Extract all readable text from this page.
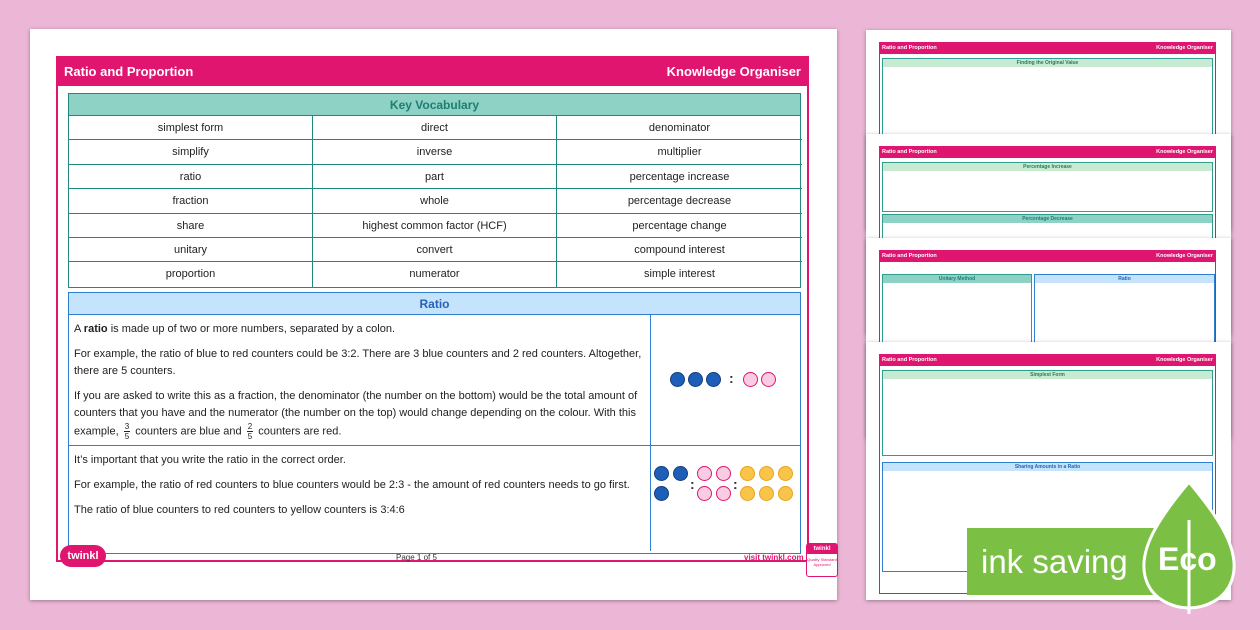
Ratio and Proportion	Knowledge Organiser
Key Vocabulary
simplest form	direct	denominator
simplify	inverse	multiplier
ratio	part	percentage increase
fraction	whole	percentage decrease
share	highest common factor (HCF)	percentage change
unitary	convert	compound interest
proportion	numerator	simple interest
Ratio

A ratio is made up of two or more numbers, separated by a colon.

For example, the ratio of blue to red counters could be 3:2. There are 3 blue counters and 2 red counters. Altogether, there are 5 counters.

If you are asked to write this as a fraction, the denominator (the number on the bottom) would be the total amount of counters that you have and the numerator (the number on the top) would change depending on the colour. With this example, $\frac{3}{5}$ counters are blue and $\frac{2}{5}$ counters are red.

:

It’s important that you write the ratio in the correct order.

For example, the ratio of red counters to blue counters would be 2:3 - the amount of red counters needs to go first.

The ratio of blue counters to red counters to yellow counters is 3:4:6

:	:
twinkl	Page 1 of 5	visit twinkl.com
twinkl
Quality Standard Approved
Ratio and Proportion	Knowledge Organiser
Finding the Original Value
Ratio and Proportion	Knowledge Organiser
Percentage Increase
Percentage Decrease
Ratio and Proportion	Knowledge Organiser
Unitary Method	Ratio
Ratio and Proportion	Knowledge Organiser
Simplest Form
Sharing Amounts in a Ratio
ink saving Eco
